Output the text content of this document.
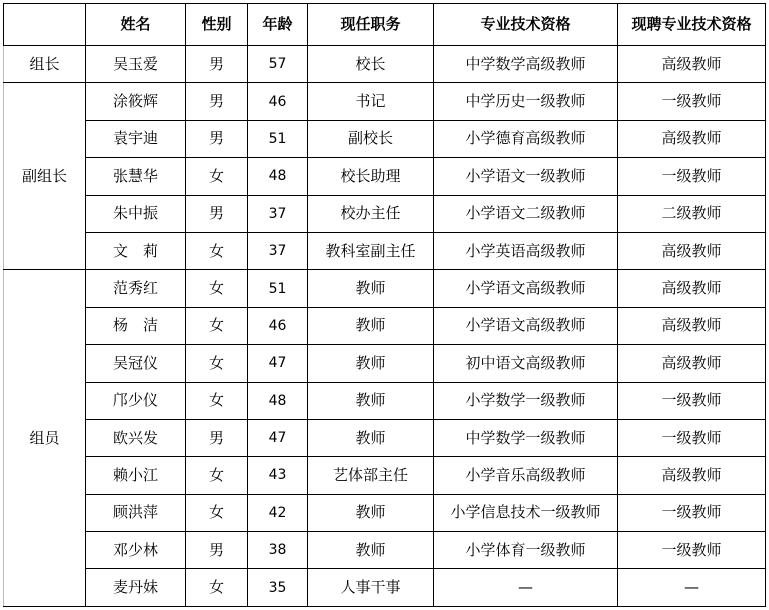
	姓名	性别	年龄	现任职务	专业技术资格	现聘专业技术资格
组长	吴玉爱	男	57	校长	中学数学高级教师	高级教师
副组长	涂筱辉	男	46	书记	中学历史一级教师	一级教师
	袁宇迪	男	51	副校长	小学德育高级教师	高级教师
	张慧华	女	48	校长助理	小学语文一级教师	一级教师
	朱中振	男	37	校办主任	小学语文二级教师	二级教师
	文　莉	女	37	教科室副主任	小学英语高级教师	高级教师
组员	范秀红	女	51	教师	小学语文高级教师	高级教师
	杨　洁	女	46	教师	小学语文高级教师	高级教师
	吴冠仪	女	47	教师	初中语文高级教师	高级教师
	邝少仪	女	48	教师	小学数学一级教师	一级教师
	欧兴发	男	47	教师	中学数学一级教师	一级教师
	赖小江	女	43	艺体部主任	小学音乐高级教师	高级教师
	顾洪萍	女	42	教师	小学信息技术一级教师	一级教师
	邓少林	男	38	教师	小学体育一级教师	一级教师
	麦丹妹	女	35	人事干事	—	—
